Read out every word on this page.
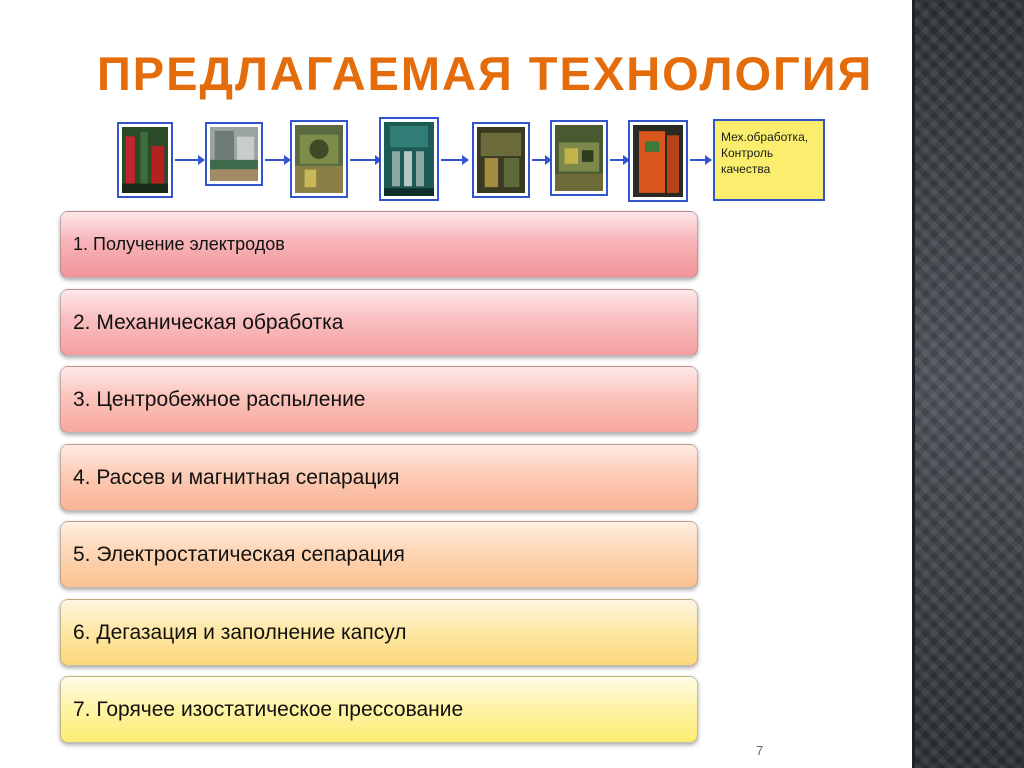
ПРЕДЛАГАЕМАЯ ТЕХНОЛОГИЯ
Мех.обработка,
Контроль
качества
1. Получение электродов
2. Механическая обработка
3. Центробежное распыление
4. Рассев и магнитная сепарация
5. Электростатическая сепарация
6. Дегазация и заполнение капсул
7. Горячее изостатическое прессование
7
